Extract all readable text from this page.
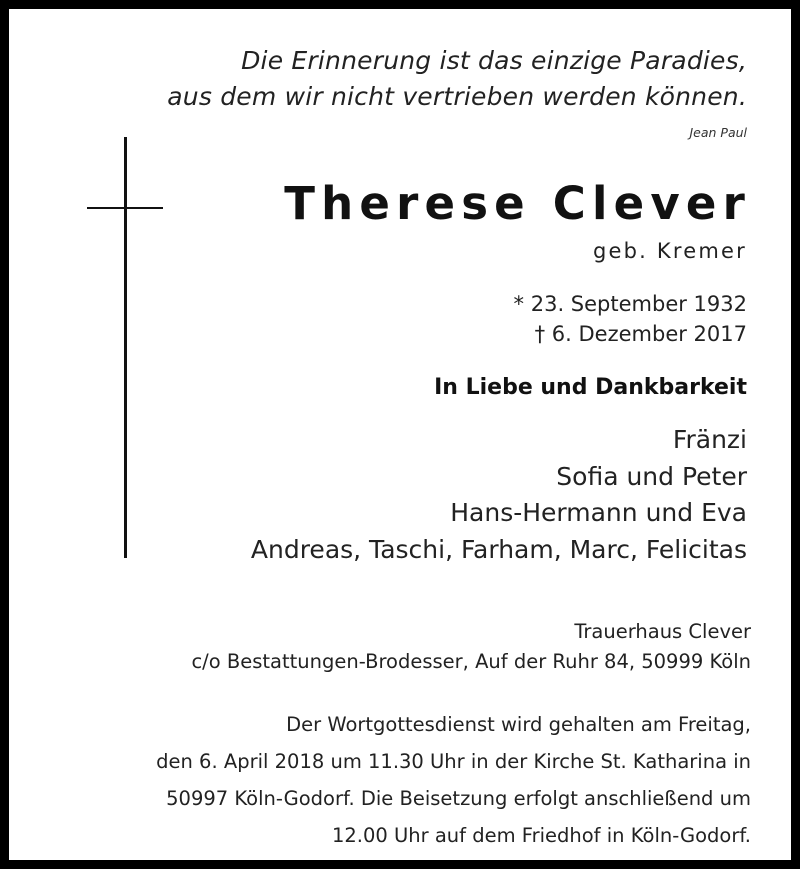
Die Erinnerung ist das einzige Paradies,
aus dem wir nicht vertrieben werden können.
Jean Paul
Therese Clever
geb. Kremer
* 23. September 1932
† 6. Dezember 2017
In Liebe und Dankbarkeit
Fränzi
Sofia und Peter
Hans-Hermann und Eva
Andreas, Taschi, Farham, Marc, Felicitas
Trauerhaus Clever
c/o Bestattungen-Brodesser, Auf der Ruhr 84, 50999 Köln
Der Wortgottesdienst wird gehalten am Freitag,
den 6. April 2018 um 11.30 Uhr in der Kirche St. Katharina in
50997 Köln-Godorf. Die Beisetzung erfolgt anschließend um
12.00 Uhr auf dem Friedhof in Köln-Godorf.
